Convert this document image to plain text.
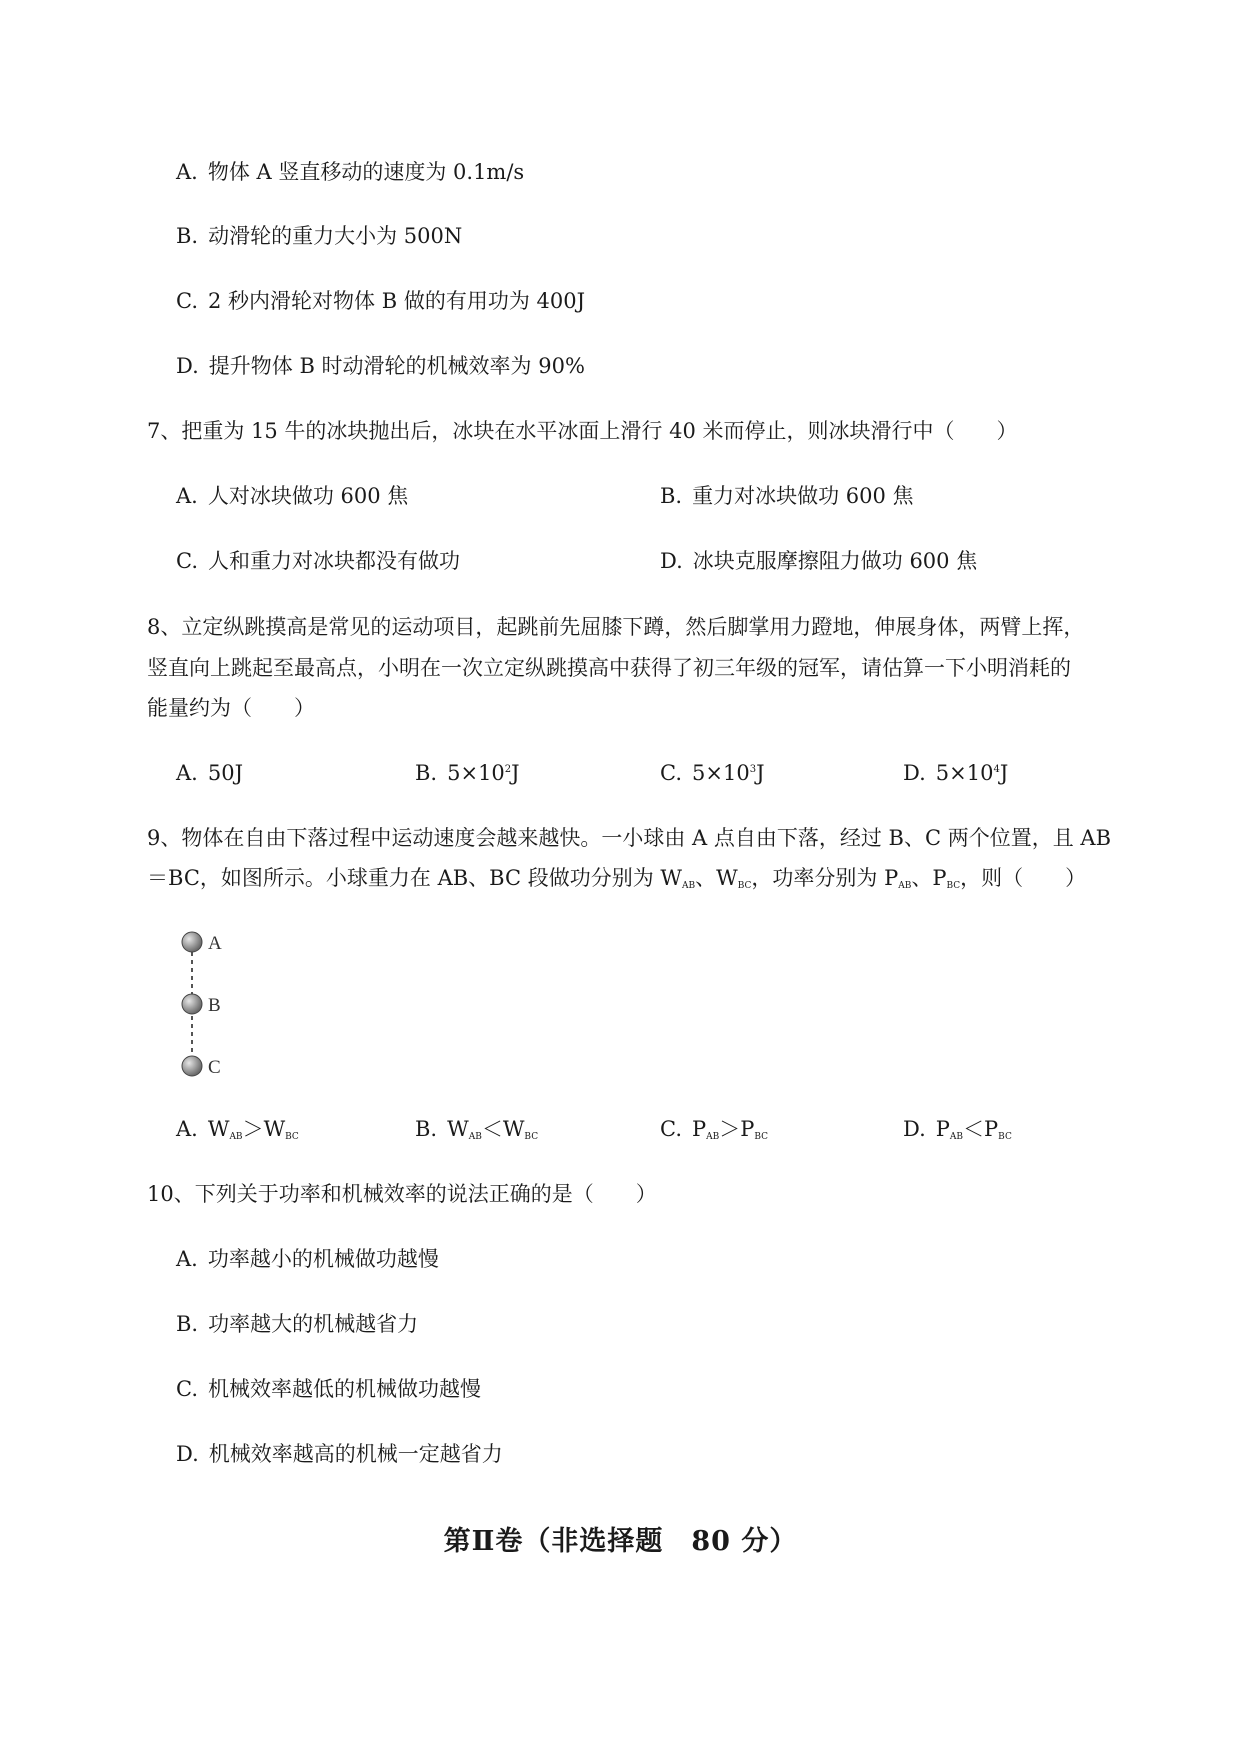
A. 物体 A 竖直移动的速度为 0.1m/s
B. 动滑轮的重力大小为 500N
C. 2 秒内滑轮对物体 B 做的有用功为 400J
D. 提升物体 B 时动滑轮的机械效率为 90%
7、把重为 15 牛的冰块抛出后，冰块在水平冰面上滑行 40 米而停止，则冰块滑行中（　　）
A. 人对冰块做功 600 焦	B. 重力对冰块做功 600 焦
C. 人和重力对冰块都没有做功	D. 冰块克服摩擦阻力做功 600 焦
8、立定纵跳摸高是常见的运动项目，起跳前先屈膝下蹲，然后脚掌用力蹬地，伸展身体，两臂上挥，
竖直向上跳起至最高点，小明在一次立定纵跳摸高中获得了初三年级的冠军，请估算一下小明消耗的
能量约为（　　）
A. 50J	B. $5\times 10^2J$	C. $5\times 10^3J$	D. $5\times 10^4J$
9、物体在自由下落过程中运动速度会越来越快。一小球由 A 点自由下落，经过 B、C 两个位置，且 AB
＝BC，如图所示。小球重力在 AB、BC 段做功分别为 $W_{AB}$、$W_{BC}$，功率分别为 $P_{AB}$、$P_{BC}$，则（　　）
A
B
C
A. $W_{AB}>W_{BC}$	B. $W_{AB}<W_{BC}$	C. $P_{AB}>P_{BC}$	D. $P_{AB}<P_{BC}$
10、下列关于功率和机械效率的说法正确的是（　　）
A. 功率越小的机械做功越慢
B. 功率越大的机械越省力
C. 机械效率越低的机械做功越慢
D. 机械效率越高的机械一定越省力
第Ⅱ卷（非选择题　80 分）
